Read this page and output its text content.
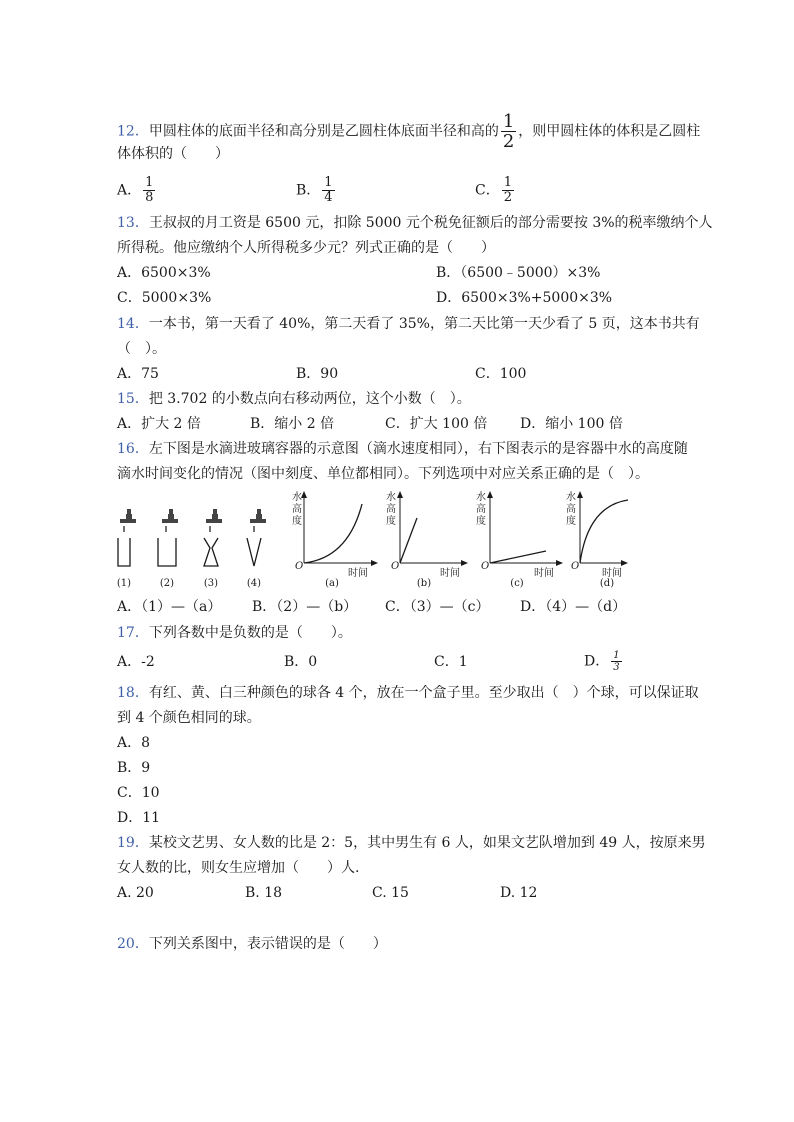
12．甲圆柱体的底面半径和高分别是乙圆柱体底面半径和高的 $\frac{1}{2}$ ，则甲圆柱体的体积是乙圆柱
体体积的（　　）
A． $\frac{1}{8}$	B． $\frac{1}{4}$	C． $\frac{1}{2}$
13．王叔叔的月工资是 6500 元，扣除 5000 元个税免征额后的部分需要按 3%的税率缴纳个人
所得税。他应缴纳个人所得税多少元？列式正确的是（　　）
A．6500×3%	B．（6500﹣5000）×3%
C．5000×3%	D．6500×3%+5000×3%
14．一本书，第一天看了 40%，第二天看了 35%，第二天比第一天少看了 5 页，这本书共有
（　）。
A．75	B．90	C．100
15．把 3.702 的小数点向右移动两位，这个小数（　）。
A．扩大 2 倍	B．缩小 2 倍	C．扩大 100 倍 D．缩小 100 倍
16．左下图是水滴进玻璃容器的示意图（滴水速度相同），右下图表示的是容器中水的高度随
滴水时间变化的情况（图中刻度、单位都相同）。下列选项中对应关系正确的是（　）。
(1)	(2)	(3)	(4)
水
高
度
O
时间
(a)
水
高
度
O
时间
(b)
水
高
度
O
时间
(c)
水
高
度
O
时间
(d)
A．（1）—（a） B．（2）—（b） C．（3）—（c） D．（4）—（d）
17．下列各数中是负数的是（　　）。
A．-2	B．0	C．1	D． $\frac{1}{3}$
18．有红、黄、白三种颜色的球各 4 个，放在一个盒子里。至少取出（　）个球，可以保证取
到 4 个颜色相同的球。
A．8
B．9
C．10
D．11
19．某校文艺男、女人数的比是 2：5，其中男生有 6 人，如果文艺队增加到 49 人，按原来男
女人数的比，则女生应增加（　　）人.
A. 20	B. 18	C. 15	D. 12
20．下列关系图中，表示错误的是（　　）
